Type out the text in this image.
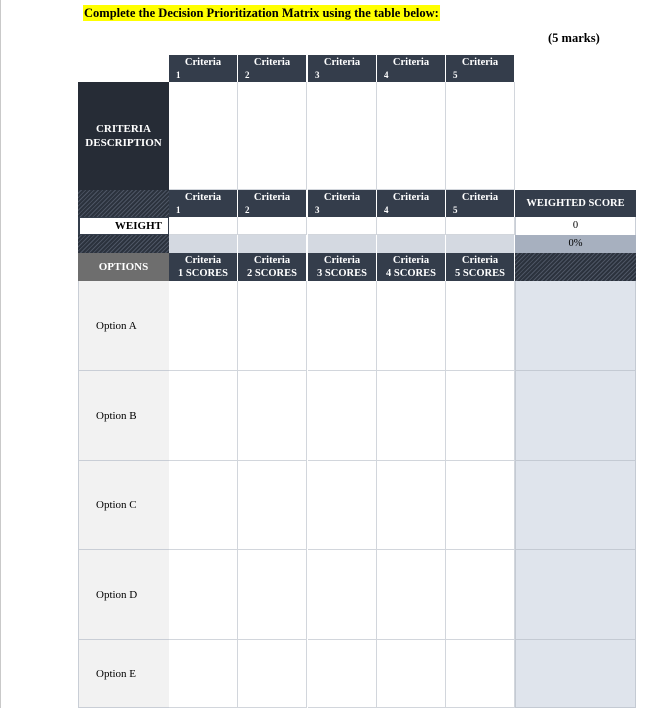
Complete the Decision Prioritization Matrix using the table below:
(5 marks)
Criteria
1
Criteria
2
Criteria
3
Criteria
4
Criteria
5
CRITERIA DESCRIPTION
Criteria
1
Criteria
2
Criteria
3
Criteria
4
Criteria
5
WEIGHTED SCORE
WEIGHT	0
0%
OPTIONS
Criteria
1 SCORES
Criteria
2 SCORES
Criteria
3 SCORES
Criteria
4 SCORES
Criteria
5 SCORES
Option A
Option B
Option C
Option D
Option E
